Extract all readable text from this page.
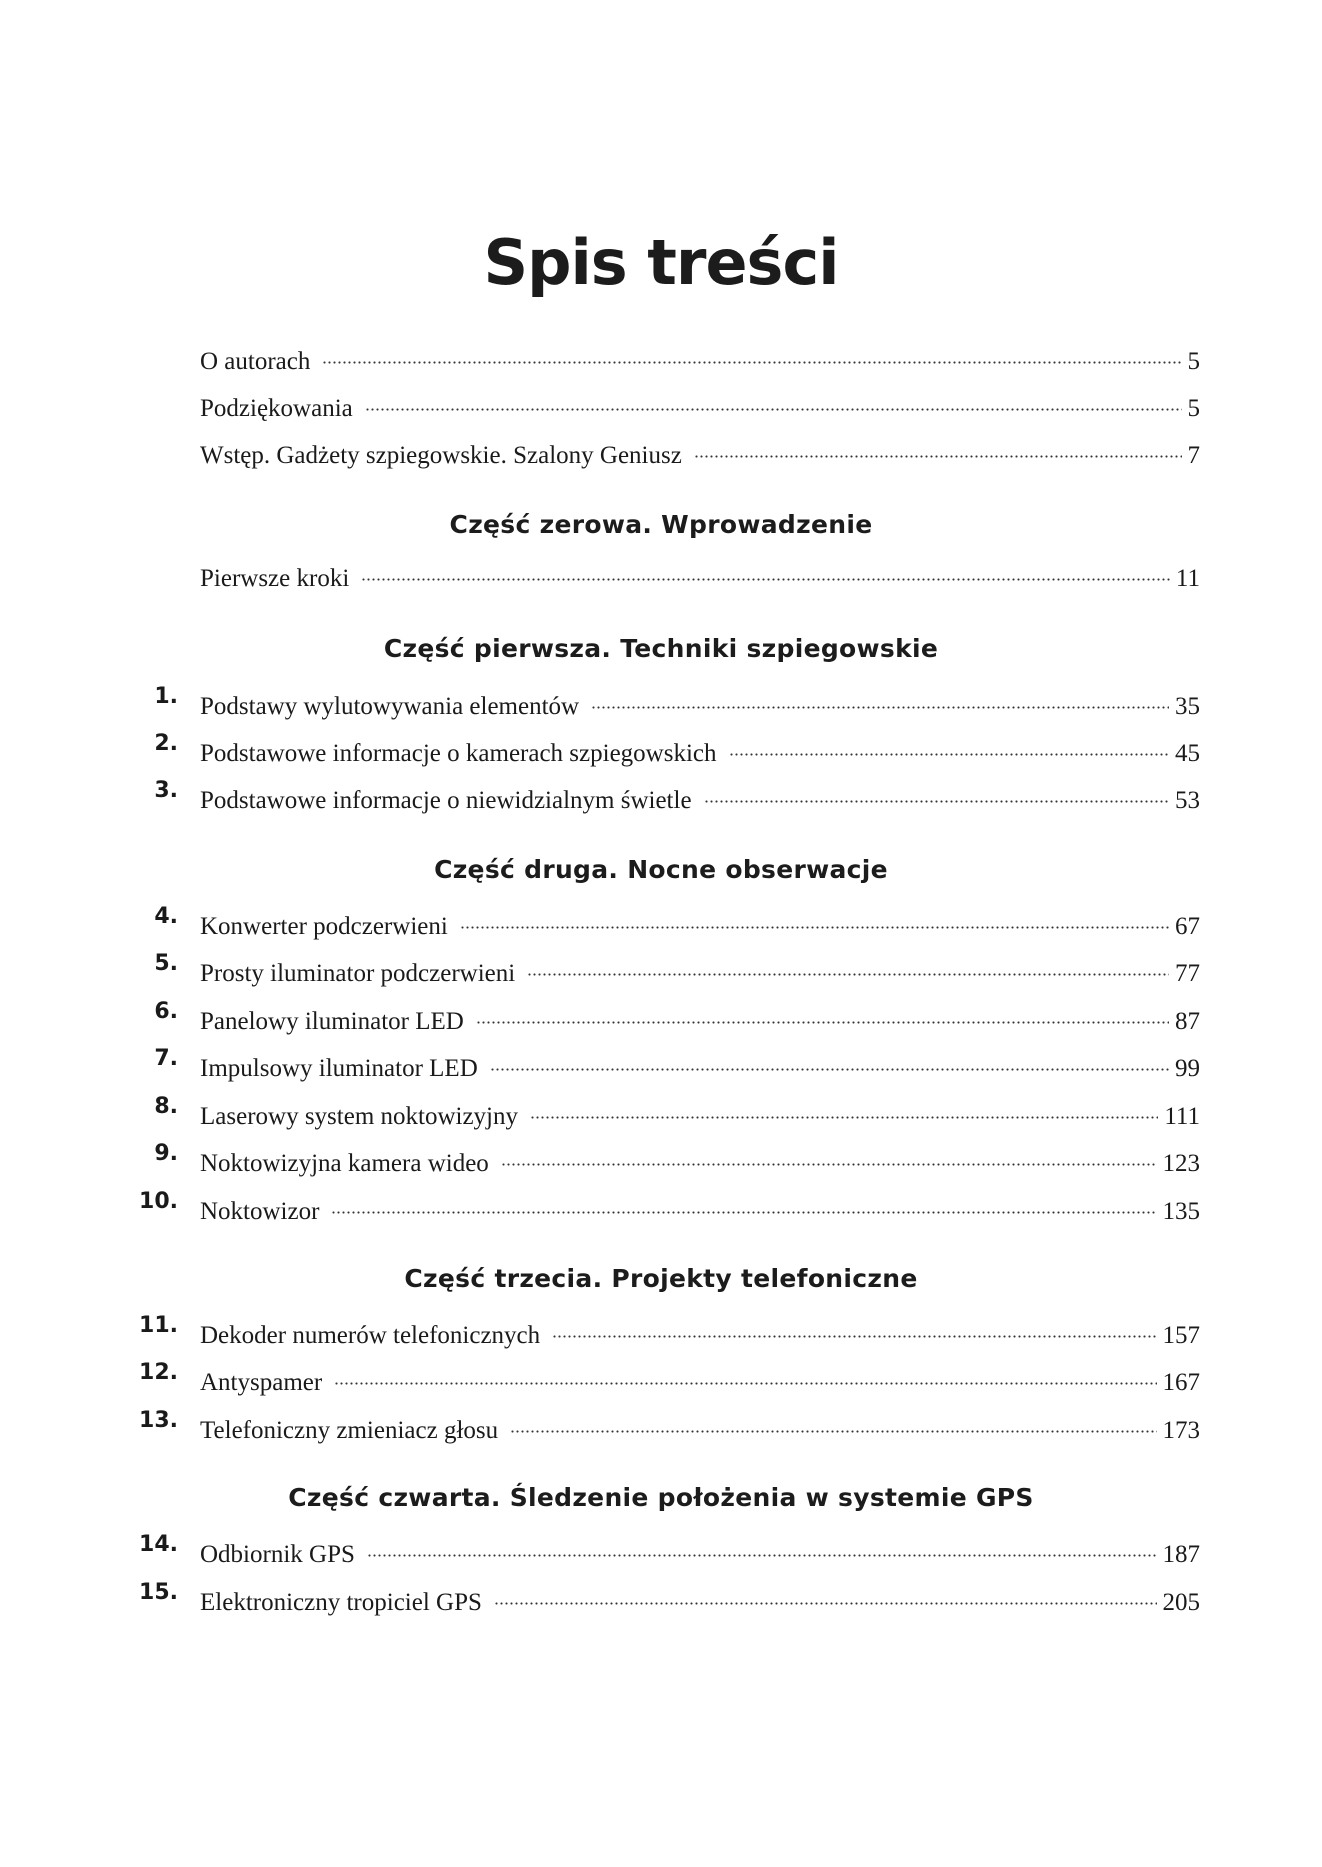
Spis treści
O autorach	5
Podziękowania	5
Wstęp. Gadżety szpiegowskie. Szalony Geniusz	7
Część zerowa. Wprowadzenie
Pierwsze kroki	11
Część pierwsza. Techniki szpiegowskie
1. Podstawy wylutowywania elementów	35
2. Podstawowe informacje o kamerach szpiegowskich	45
3. Podstawowe informacje o niewidzialnym świetle	53
Część druga. Nocne obserwacje
4. Konwerter podczerwieni	67
5. Prosty iluminator podczerwieni	77
6. Panelowy iluminator LED	87
7. Impulsowy iluminator LED	99
8. Laserowy system noktowizyjny	111
9. Noktowizyjna kamera wideo	123
10. Noktowizor	135
Część trzecia. Projekty telefoniczne
11. Dekoder numerów telefonicznych	157
12. Antyspamer	167
13. Telefoniczny zmieniacz głosu	173
Część czwarta. Śledzenie położenia w systemie GPS
14. Odbiornik GPS	187
15. Elektroniczny tropiciel GPS	205
